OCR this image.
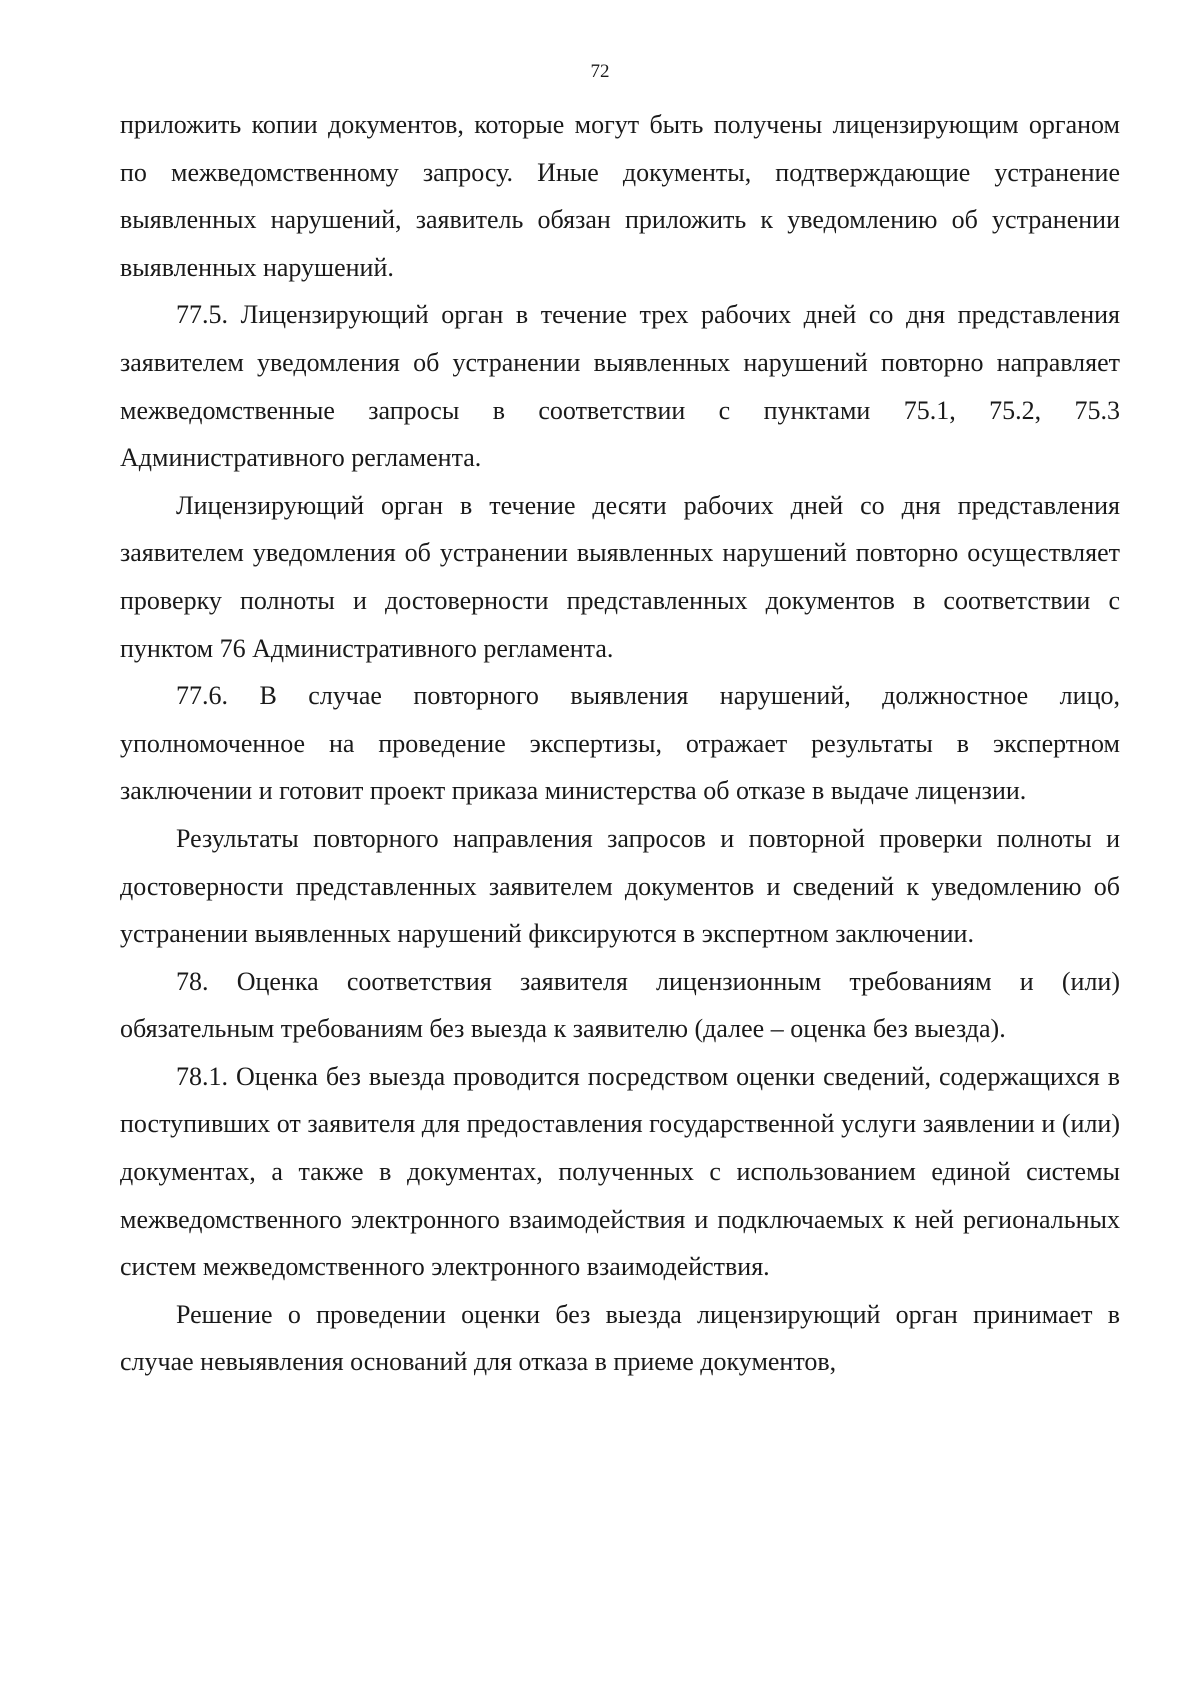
72

приложить копии документов, которые могут быть получены лицензирующим органом по межведомственному запросу. Иные документы, подтверждающие устранение выявленных нарушений, заявитель обязан приложить к уведомлению об устранении выявленных нарушений.

77.5. Лицензирующий орган в течение трех рабочих дней со дня представления заявителем уведомления об устранении выявленных нарушений повторно направляет межведомственные запросы в соответствии с пунктами 75.1, 75.2, 75.3 Административного регламента.

Лицензирующий орган в течение десяти рабочих дней со дня представления заявителем уведомления об устранении выявленных нарушений повторно осуществляет проверку полноты и достоверности представленных документов в соответствии с пунктом 76 Административного регламента.

77.6. В случае повторного выявления нарушений, должностное лицо, уполномоченное на проведение экспертизы, отражает результаты в экспертном заключении и готовит проект приказа министерства об отказе в выдаче лицензии.

Результаты повторного направления запросов и повторной проверки полноты и достоверности представленных заявителем документов и сведений к уведомлению об устранении выявленных нарушений фиксируются в экспертном заключении.

78. Оценка соответствия заявителя лицензионным требованиям и (или) обязательным требованиям без выезда к заявителю (далее – оценка без выезда).

78.1. Оценка без выезда проводится посредством оценки сведений, содержащихся в поступивших от заявителя для предоставления государственной услуги заявлении и (или) документах, а также в документах, полученных с использованием единой системы межведомственного электронного взаимодействия и подключаемых к ней региональных систем межведомственного электронного взаимодействия.

Решение о проведении оценки без выезда лицензирующий орган принимает в случае невыявления оснований для отказа в приеме документов,
